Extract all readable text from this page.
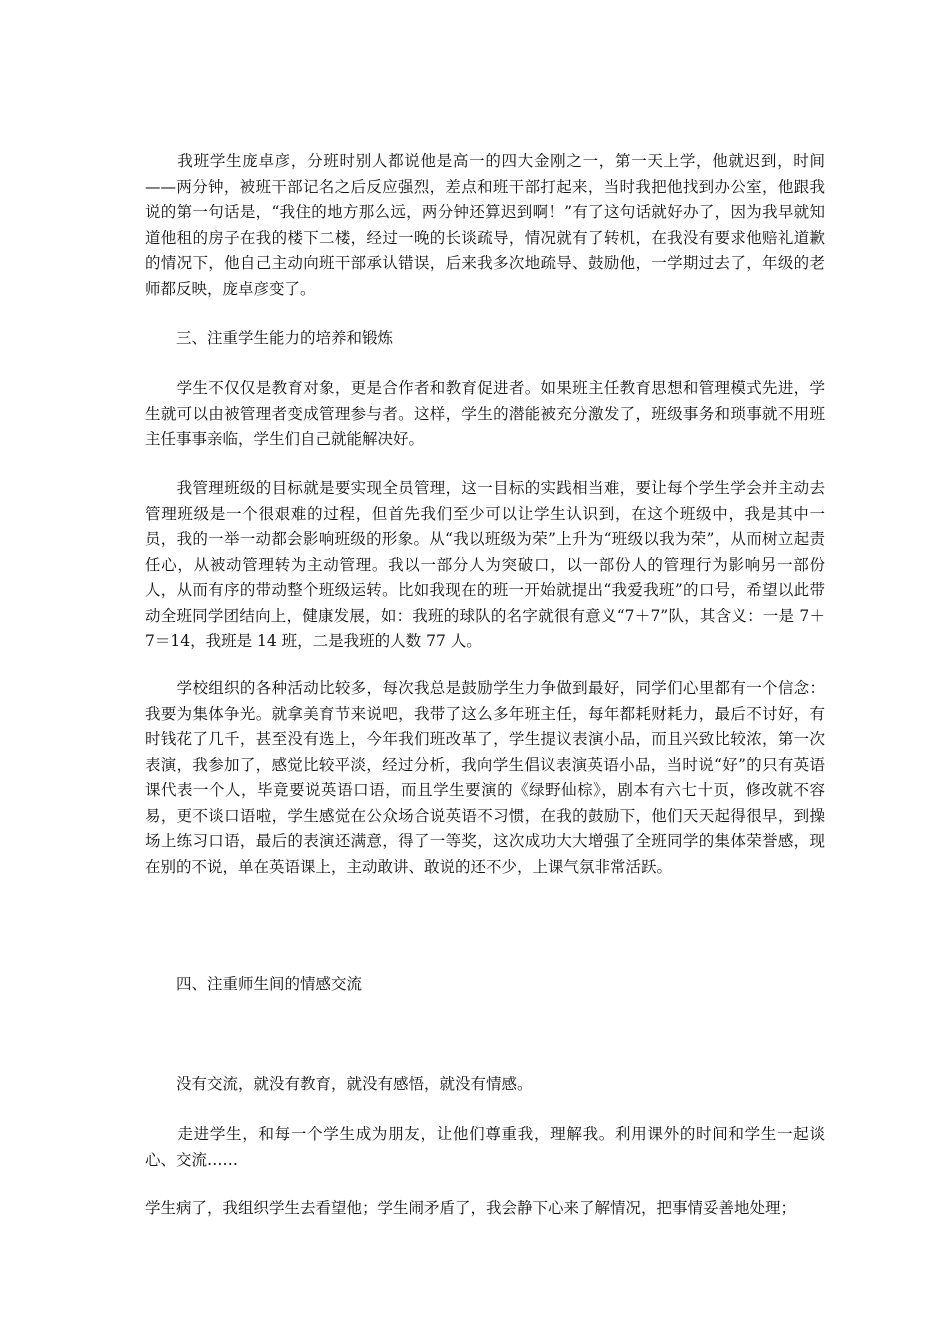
　　我班学生庞卓彦，分班时别人都说他是高一的四大金刚之一，第一天上学，他就迟到，时间——两分钟，被班干部记名之后反应强烈，差点和班干部打起来，当时我把他找到办公室，他跟我说的第一句话是，“我住的地方那么远，两分钟还算迟到啊！”有了这句话就好办了，因为我早就知道他租的房子在我的楼下二楼，经过一晚的长谈疏导，情况就有了转机，在我没有要求他赔礼道歉的情况下，他自己主动向班干部承认错误，后来我多次地疏导、鼓励他，一学期过去了，年级的老师都反映，庞卓彦变了。

　　三、注重学生能力的培养和锻炼

　　学生不仅仅是教育对象，更是合作者和教育促进者。如果班主任教育思想和管理模式先进，学生就可以由被管理者变成管理参与者。这样，学生的潜能被充分激发了，班级事务和琐事就不用班主任事事亲临，学生们自己就能解决好。

　　我管理班级的目标就是要实现全员管理，这一目标的实践相当难，要让每个学生学会并主动去管理班级是一个很艰难的过程，但首先我们至少可以让学生认识到，在这个班级中，我是其中一员，我的一举一动都会影响班级的形象。从“我以班级为荣”上升为“班级以我为荣”，从而树立起责任心，从被动管理转为主动管理。我以一部分人为突破口，以一部份人的管理行为影响另一部份人，从而有序的带动整个班级运转。比如我现在的班一开始就提出“我爱我班”的口号，希望以此带动全班同学团结向上，健康发展，如：我班的球队的名字就很有意义“7＋7”队，其含义：一是 7＋7＝14，我班是 14 班，二是我班的人数 77 人。

　　学校组织的各种活动比较多，每次我总是鼓励学生力争做到最好，同学们心里都有一个信念：我要为集体争光。就拿美育节来说吧，我带了这么多年班主任，每年都耗财耗力，最后不讨好，有时钱花了几千，甚至没有选上，今年我们班改革了，学生提议表演小品，而且兴致比较浓，第一次表演，我参加了，感觉比较平淡，经过分析，我向学生倡议表演英语小品，当时说“好”的只有英语课代表一个人，毕竟要说英语口语，而且学生要演的《绿野仙棕》，剧本有六七十页，修改就不容易，更不谈口语啦，学生感觉在公众场合说英语不习惯，在我的鼓励下，他们天天起得很早，到操场上练习口语，最后的表演还满意，得了一等奖，这次成功大大增强了全班同学的集体荣誉感，现在别的不说，单在英语课上，主动敢讲、敢说的还不少，上课气氛非常活跃。

　　四、注重师生间的情感交流

　　没有交流，就没有教育，就没有感悟，就没有情感。

　　走进学生，和每一个学生成为朋友，让他们尊重我，理解我。利用课外的时间和学生一起谈心、交流……

学生病了，我组织学生去看望他；学生闹矛盾了，我会静下心来了解情况，把事情妥善地处理；
